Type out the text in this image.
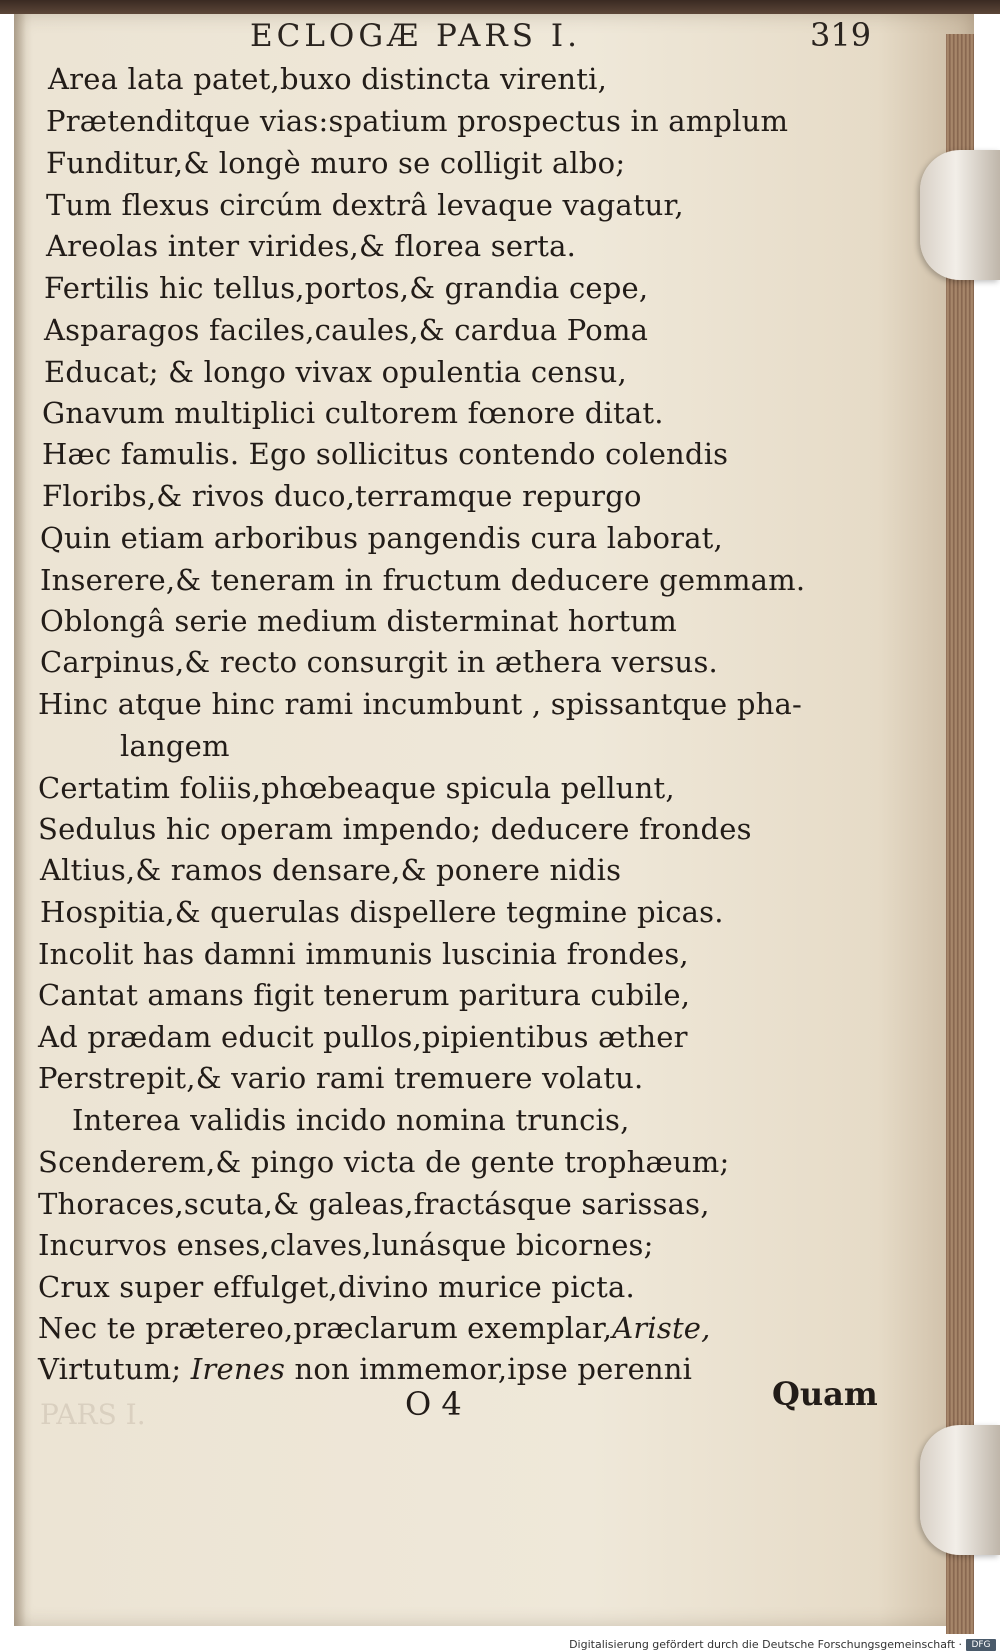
ECLOGÆ PARS I.	319
Area lata patet,buxo distincta virenti,
Prætenditque vias:spatium prospectus in amplum
Funditur,& longè muro se colligit albo;
Tum flexus circúm dextrâ levaque vagatur,
Areolas inter virides,& florea serta.
Fertilis hic tellus,portos,& grandia cepe,
Asparagos faciles,caules,& cardua Poma
Educat; & longo vivax opulentia censu,
Gnavum multiplici cultorem fœnore ditat.
Hæc famulis. Ego sollicitus contendo colendis
Floribs,& rivos duco,terramque repurgo
Quin etiam arboribus pangendis cura laborat,
Inserere,& teneram in fructum deducere gemmam.
Oblongâ serie medium disterminat hortum
Carpinus,& recto consurgit in æthera versus.
Hinc atque hinc rami incumbunt , spissantque pha-
langem
Certatim foliis,phœbeaque spicula pellunt,
Sedulus hic operam impendo; deducere frondes
Altius,& ramos densare,& ponere nidis
Hospitia,& querulas dispellere tegmine picas.
Incolit has damni immunis luscinia frondes,
Cantat amans figit tenerum paritura cubile,
Ad prædam educit pullos,pipientibus æther
Perstrepit,& vario rami tremuere volatu.
Interea validis incido nomina truncis,
Scenderem,& pingo victa de gente trophæum;
Thoraces,scuta,& galeas,fractásque sarissas,
Incurvos enses,claves,lunásque bicornes;
Crux super effulget,divino murice picta.
Nec te prætereo,præclarum exemplar,Ariste,
Virtutum; Irenes non immemor,ipse perenni
PARS I.	O 4	Quam
Digitalisierung gefördert durch die Deutsche Forschungsgemeinschaft ·	DFG
